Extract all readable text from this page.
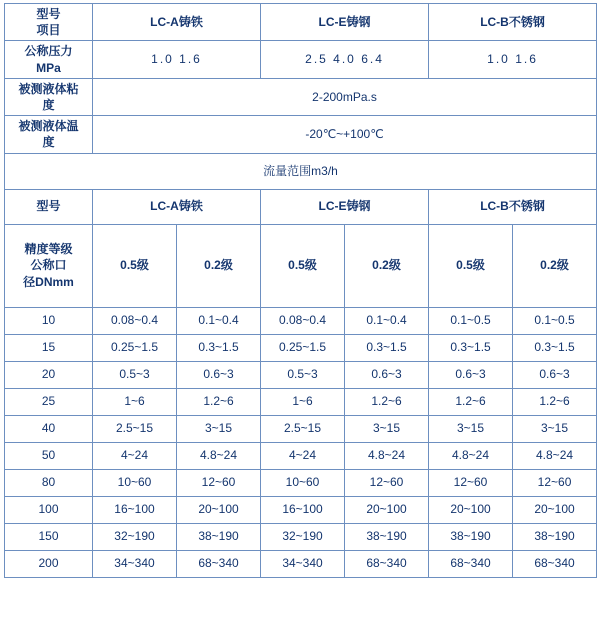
型号
项目	LC-A铸铁		LC-E铸钢		LC-B不锈钢	

公称压力
MPa	1.0 1.6		2.5 4.0 6.4		1.0 1.6	

被测液体粘
度	2-200mPa.s					

被测液体温
度	-20℃~+100℃					
流量范围m3/h						
型号	LC-A铸铁		LC-E铸钢		LC-B不锈钢	

精度等级
公称口
径DNmm	0.5级	0.2级	0.5级	0.2级	0.5级	0.2级
10	0.08~0.4	0.1~0.4	0.08~0.4	0.1~0.4	0.1~0.5	0.1~0.5
15	0.25~1.5	0.3~1.5	0.25~1.5	0.3~1.5	0.3~1.5	0.3~1.5
20	0.5~3	0.6~3	0.5~3	0.6~3	0.6~3	0.6~3
25	1~6	1.2~6	1~6	1.2~6	1.2~6	1.2~6
40	2.5~15	3~15	2.5~15	3~15	3~15	3~15
50	4~24	4.8~24	4~24	4.8~24	4.8~24	4.8~24
80	10~60	12~60	10~60	12~60	12~60	12~60
100	16~100	20~100	16~100	20~100	20~100	20~100
150	32~190	38~190	32~190	38~190	38~190	38~190
200	34~340	68~340	34~340	68~340	68~340	68~340
